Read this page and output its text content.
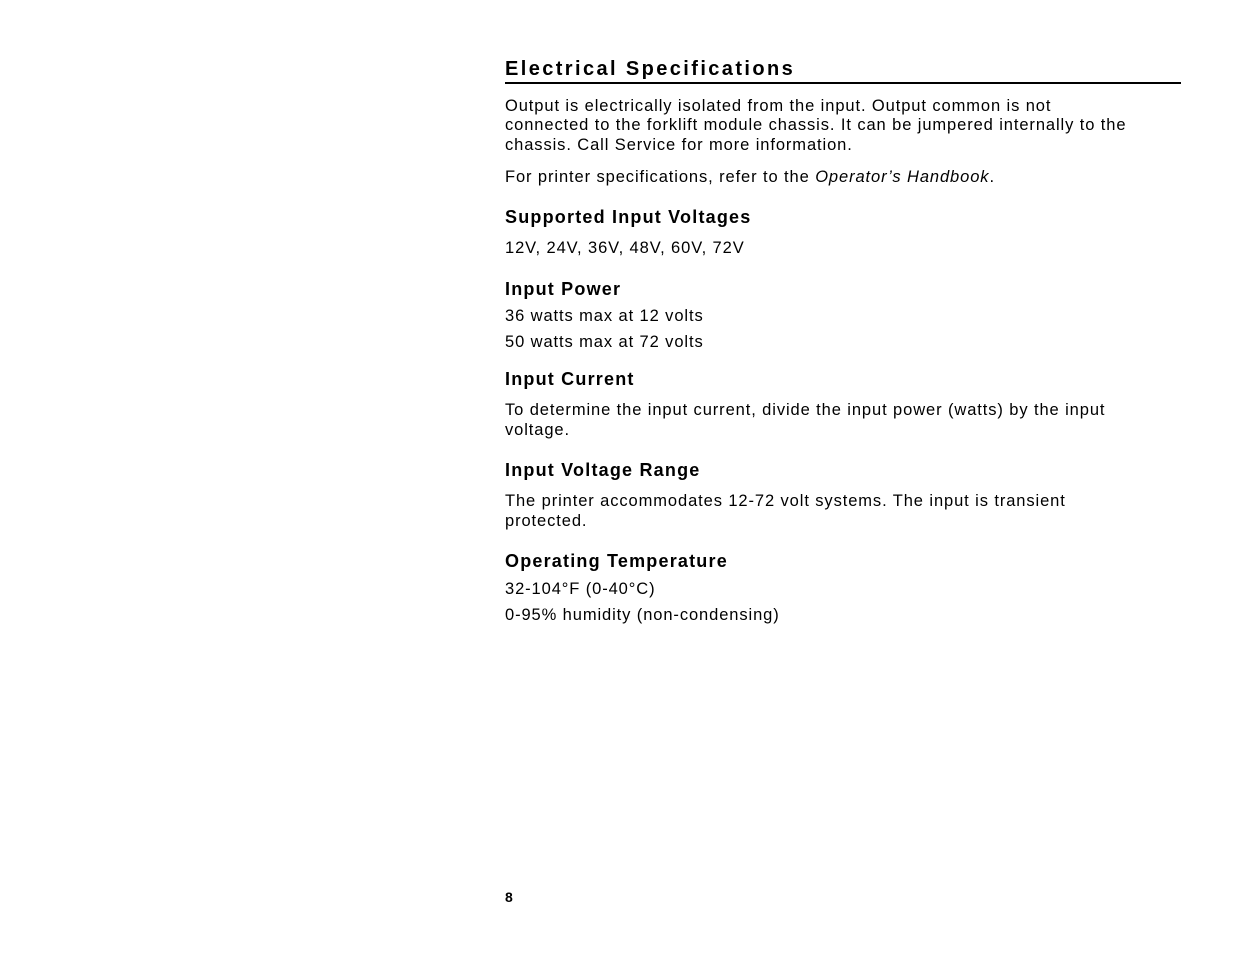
Electrical Specifications
Output is electrically isolated from the input. Output common is not
connected to the forklift module chassis. It can be jumpered internally to the
chassis. Call Service for more information.
For printer specifications, refer to the Operator’s Handbook.
Supported Input Voltages
12V, 24V, 36V, 48V, 60V, 72V
Input Power
36 watts max at 12 volts
50 watts max at 72 volts
Input Current
To determine the input current, divide the input power (watts) by the input
voltage.
Input Voltage Range
The printer accommodates 12-72 volt systems. The input is transient
protected.
Operating Temperature
32-104°F (0-40°C)
0-95% humidity (non-condensing)
8
